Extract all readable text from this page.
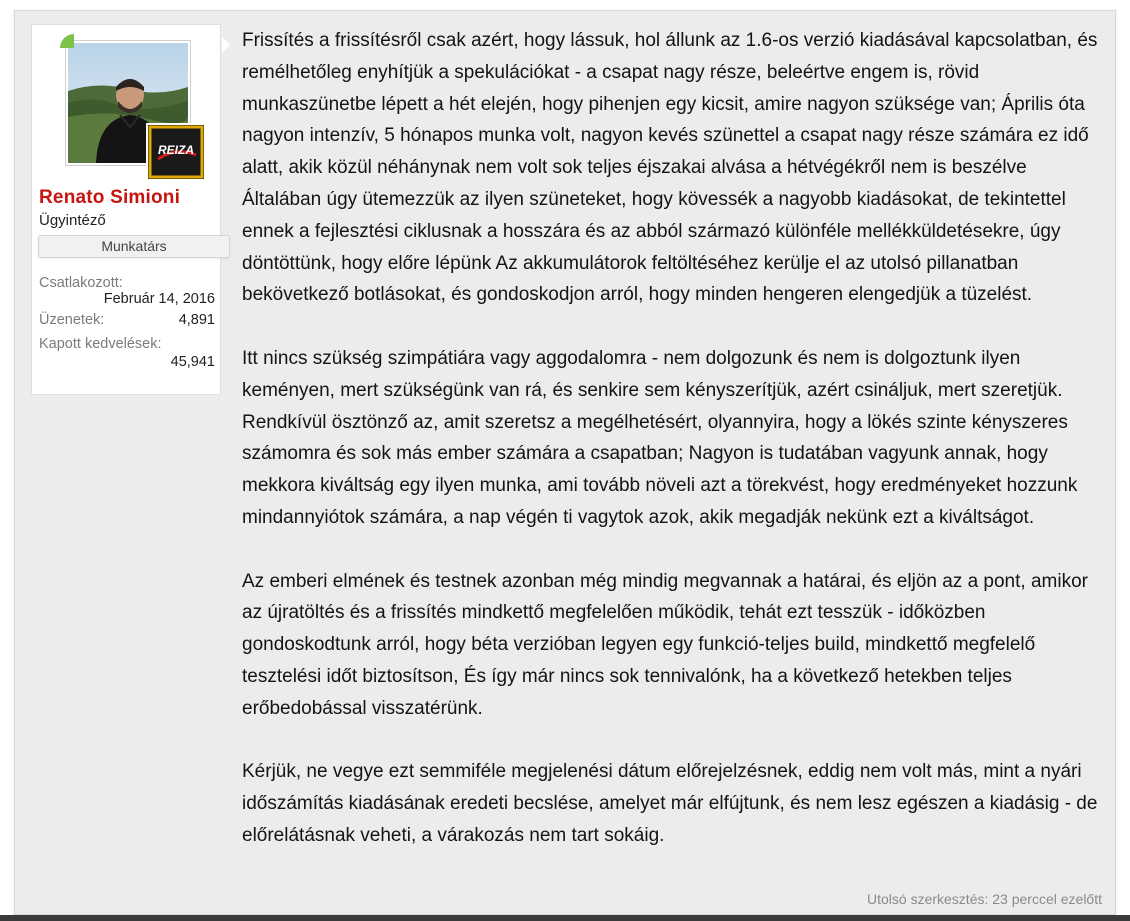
REIZA
Renato Simioni
Ügyintéző
Munkatárs
Csatlakozott:
Február 14, 2016
Üzenetek:	4,891
Kapott kedvelések:
45,941

Frissítés a frissítésről csak azért, hogy lássuk, hol állunk az 1.6-os verzió kiadásával kapcsolatban, és remélhetőleg enyhítjük a spekulációkat - a csapat nagy része, beleértve engem is, rövid munkaszünetbe lépett a hét elején, hogy pihenjen egy kicsit, amire nagyon szüksége van; Április óta nagyon intenzív, 5 hónapos munka volt, nagyon kevés szünettel a csapat nagy része számára ez idő alatt, akik közül néhánynak nem volt sok teljes éjszakai alvása a hétvégékről nem is beszélve Általában úgy ütemezzük az ilyen szüneteket, hogy kövessék a nagyobb kiadásokat, de tekintettel ennek a fejlesztési ciklusnak a hosszára és az abból származó különféle mellékküldetésekre, úgy döntöttünk, hogy előre lépünk Az akkumulátorok feltöltéséhez kerülje el az utolsó pillanatban bekövetkező botlásokat, és gondoskodjon arról, hogy minden hengeren elengedjük a tüzelést.

Itt nincs szükség szimpátiára vagy aggodalomra - nem dolgozunk és nem is dolgoztunk ilyen keményen, mert szükségünk van rá, és senkire sem kényszerítjük, azért csináljuk, mert szeretjük. Rendkívül ösztönző az, amit szeretsz a megélhetésért, olyannyira, hogy a lökés szinte kényszeres számomra és sok más ember számára a csapatban; Nagyon is tudatában vagyunk annak, hogy mekkora kiváltság egy ilyen munka, ami tovább növeli azt a törekvést, hogy eredményeket hozzunk mindannyiótok számára, a nap végén ti vagytok azok, akik megadják nekünk ezt a kiváltságot.

Az emberi elmének és testnek azonban még mindig megvannak a határai, és eljön az a pont, amikor az újratöltés és a frissítés mindkettő megfelelően működik, tehát ezt tesszük - időközben gondoskodtunk arról, hogy béta verzióban legyen egy funkció-teljes build, mindkettő megfelelő tesztelési időt biztosítson, És így már nincs sok tennivalónk, ha a következő hetekben teljes erőbedobással visszatérünk.

Kérjük, ne vegye ezt semmiféle megjelenési dátum előrejelzésnek, eddig nem volt más, mint a nyári időszámítás kiadásának eredeti becslése, amelyet már elfújtunk, és nem lesz egészen a kiadásig - de előrelátásnak veheti, a várakozás nem tart sokáig.

Utolsó szerkesztés: 23 perccel ezelőtt
